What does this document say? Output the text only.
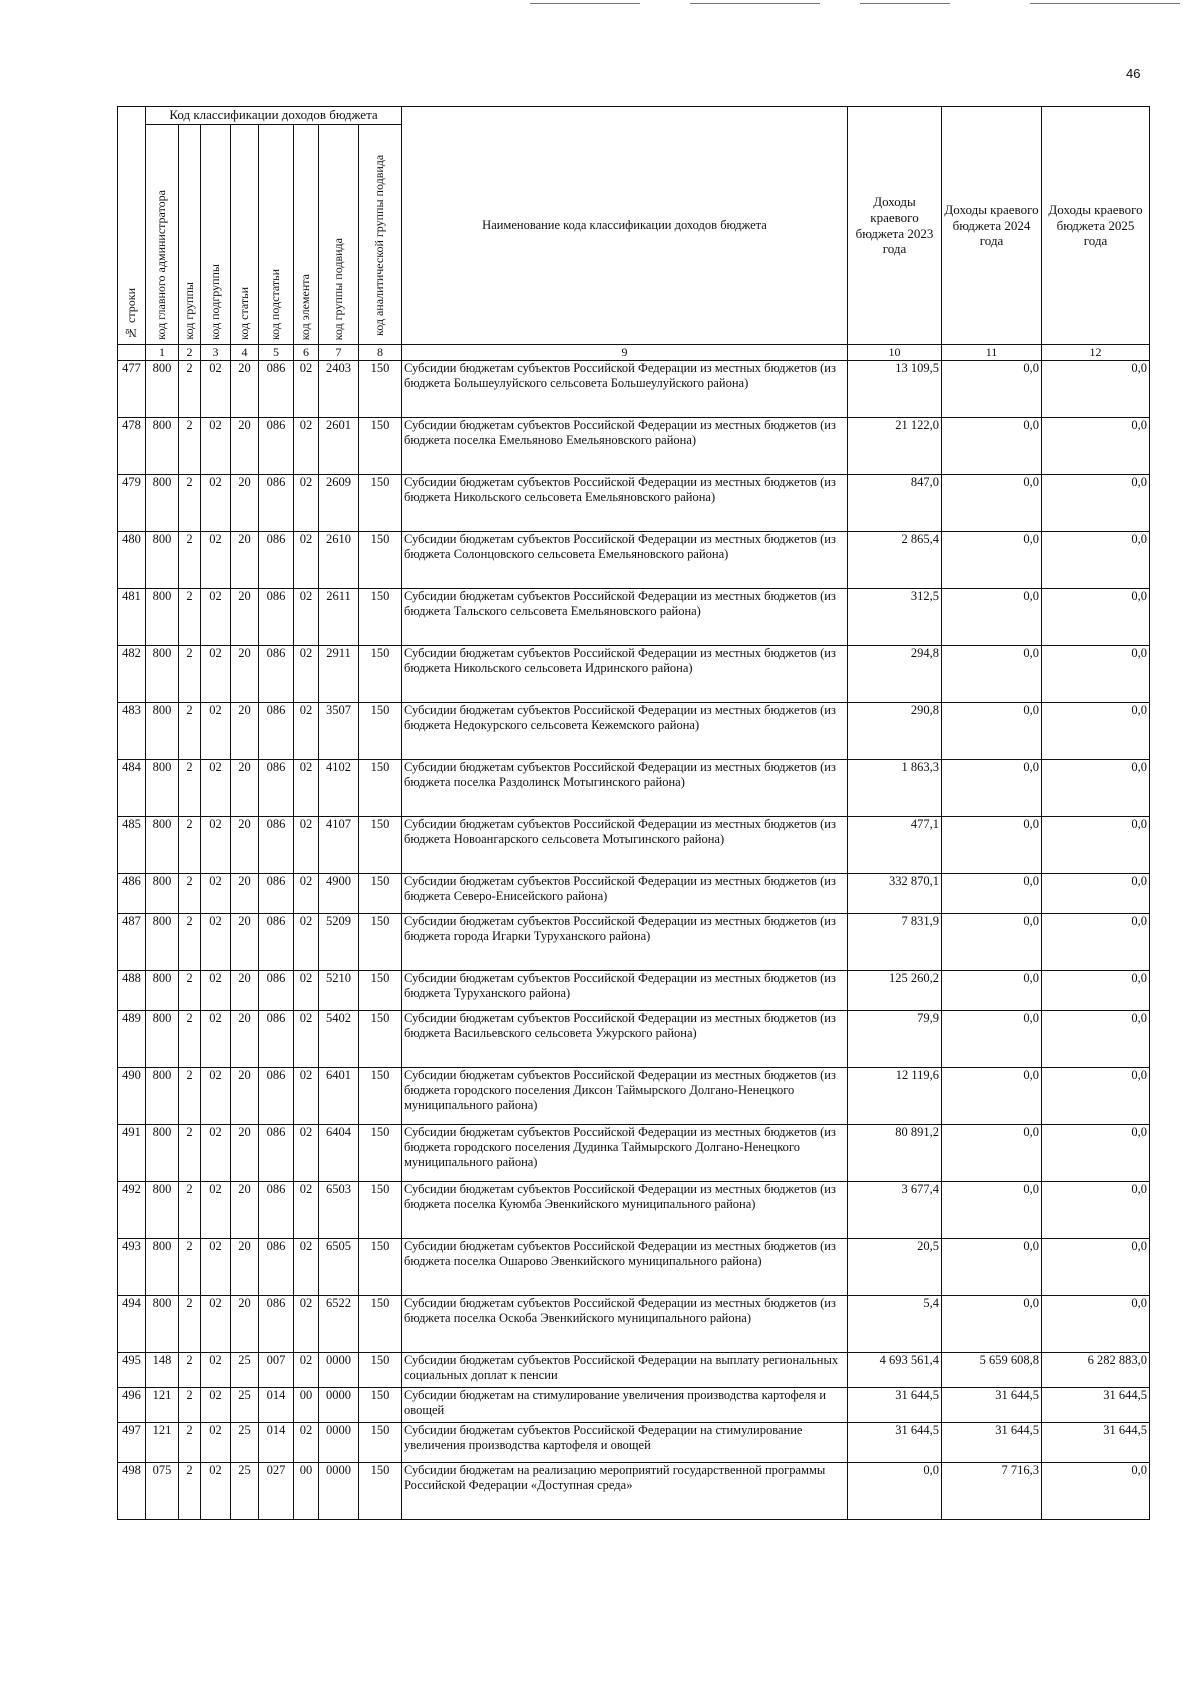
46
№ строки	Код классификации доходов бюджета								Наименование кода классификации доходов бюджета	Доходы краевого бюджета 2023 года	Доходы краевого бюджета 2024 года	Доходы краевого бюджета 2025 года

	код главного администратора	код группы	код подгруппы	код статьи	код подстатьи	код элемента	код группы подвида	код аналитической группы подвида				

	1	2	3	4	5	6	7	8	9	10	11	12
477	800	2	02	20	086	02	2403	150	Субсидии бюджетам субъектов Российской Федерации из местных бюджетов (из бюджета Большеулуйского сельсовета Большеулуйского района)	13 109,5	0,0	0,0
478	800	2	02	20	086	02	2601	150	Субсидии бюджетам субъектов Российской Федерации из местных бюджетов (из бюджета поселка Емельяново Емельяновского района)	21 122,0	0,0	0,0
479	800	2	02	20	086	02	2609	150	Субсидии бюджетам субъектов Российской Федерации из местных бюджетов (из бюджета Никольского сельсовета Емельяновского района)	847,0	0,0	0,0
480	800	2	02	20	086	02	2610	150	Субсидии бюджетам субъектов Российской Федерации из местных бюджетов (из бюджета Солонцовского сельсовета Емельяновского района)	2 865,4	0,0	0,0
481	800	2	02	20	086	02	2611	150	Субсидии бюджетам субъектов Российской Федерации из местных бюджетов (из бюджета Тальского сельсовета Емельяновского района)	312,5	0,0	0,0
482	800	2	02	20	086	02	2911	150	Субсидии бюджетам субъектов Российской Федерации из местных бюджетов (из бюджета Никольского сельсовета Идринского района)	294,8	0,0	0,0
483	800	2	02	20	086	02	3507	150	Субсидии бюджетам субъектов Российской Федерации из местных бюджетов (из бюджета Недокурского сельсовета Кежемского района)	290,8	0,0	0,0
484	800	2	02	20	086	02	4102	150	Субсидии бюджетам субъектов Российской Федерации из местных бюджетов (из бюджета поселка Раздолинск Мотыгинского района)	1 863,3	0,0	0,0
485	800	2	02	20	086	02	4107	150	Субсидии бюджетам субъектов Российской Федерации из местных бюджетов (из бюджета Новоангарского сельсовета Мотыгинского района)	477,1	0,0	0,0
486	800	2	02	20	086	02	4900	150	Субсидии бюджетам субъектов Российской Федерации из местных бюджетов (из бюджета Северо-Енисейского района)	332 870,1	0,0	0,0
487	800	2	02	20	086	02	5209	150	Субсидии бюджетам субъектов Российской Федерации из местных бюджетов (из бюджета города Игарки Туруханского района)	7 831,9	0,0	0,0
488	800	2	02	20	086	02	5210	150	Субсидии бюджетам субъектов Российской Федерации из местных бюджетов (из бюджета Туруханского района)	125 260,2	0,0	0,0
489	800	2	02	20	086	02	5402	150	Субсидии бюджетам субъектов Российской Федерации из местных бюджетов (из бюджета Васильевского сельсовета Ужурского района)	79,9	0,0	0,0
490	800	2	02	20	086	02	6401	150	Субсидии бюджетам субъектов Российской Федерации из местных бюджетов (из бюджета городского поселения Диксон Таймырского Долгано-Ненецкого муниципального района)	12 119,6	0,0	0,0
491	800	2	02	20	086	02	6404	150	Субсидии бюджетам субъектов Российской Федерации из местных бюджетов (из бюджета городского поселения Дудинка Таймырского Долгано-Ненецкого муниципального района)	80 891,2	0,0	0,0
492	800	2	02	20	086	02	6503	150	Субсидии бюджетам субъектов Российской Федерации из местных бюджетов (из бюджета поселка Куюмба Эвенкийского муниципального района)	3 677,4	0,0	0,0
493	800	2	02	20	086	02	6505	150	Субсидии бюджетам субъектов Российской Федерации из местных бюджетов (из бюджета поселка Ошарово Эвенкийского муниципального района)	20,5	0,0	0,0
494	800	2	02	20	086	02	6522	150	Субсидии бюджетам субъектов Российской Федерации из местных бюджетов (из бюджета поселка Оскоба Эвенкийского муниципального района)	5,4	0,0	0,0
495	148	2	02	25	007	02	0000	150	Субсидии бюджетам субъектов Российской Федерации на выплату региональных социальных доплат к пенсии	4 693 561,4	5 659 608,8	6 282 883,0
496	121	2	02	25	014	00	0000	150	Субсидии бюджетам на стимулирование увеличения производства картофеля и овощей	31 644,5	31 644,5	31 644,5
497	121	2	02	25	014	02	0000	150	Субсидии бюджетам субъектов Российской Федерации на стимулирование увеличения производства картофеля и овощей	31 644,5	31 644,5	31 644,5
498	075	2	02	25	027	00	0000	150	Субсидии бюджетам на реализацию мероприятий государственной программы Российской Федерации «Доступная среда»	0,0	7 716,3	0,0
